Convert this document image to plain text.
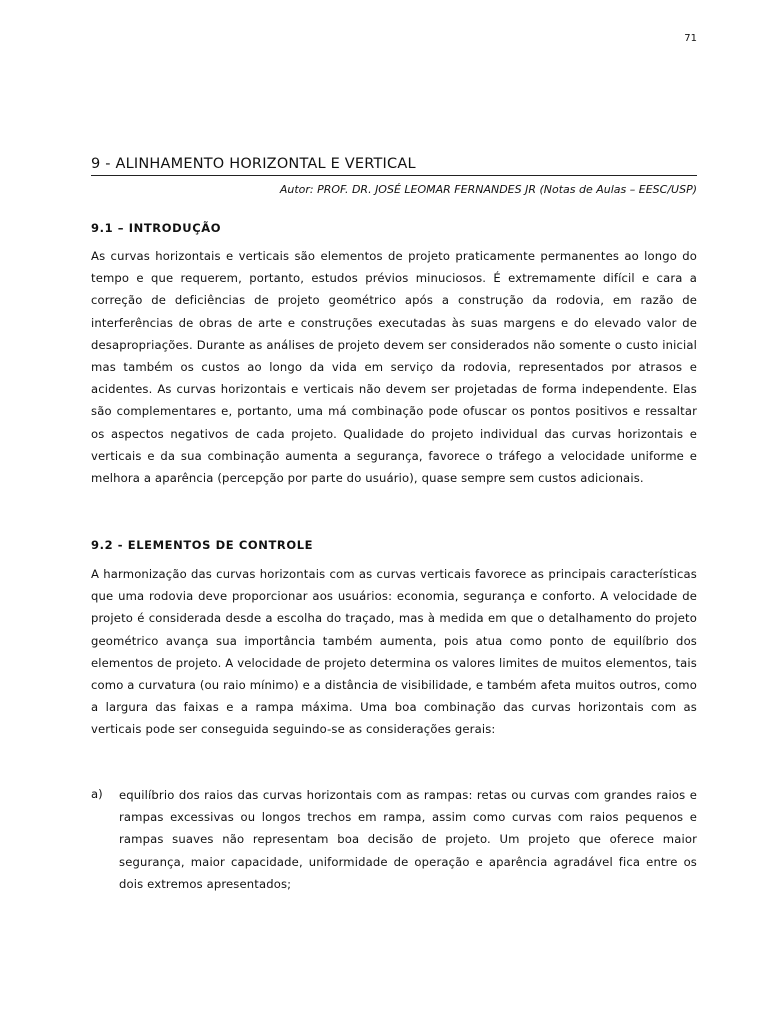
71
9 - ALINHAMENTO HORIZONTAL E VERTICAL
Autor: PROF. DR. JOSÉ LEOMAR FERNANDES JR (Notas de Aulas – EESC/USP)
9.1 – INTRODUÇÃO

As curvas horizontais e verticais são elementos de projeto praticamente permanentes ao longo do tempo e que requerem, portanto, estudos prévios minuciosos. É extremamente difícil e cara a correção de deficiências de projeto geométrico após a construção da rodovia, em razão de interferências de obras de arte e construções executadas às suas margens e do elevado valor de desapropriações. Durante as análises de projeto devem ser considerados não somente o custo inicial mas também os custos ao longo da vida em serviço da rodovia, representados por atrasos e acidentes. As curvas horizontais e verticais não devem ser projetadas de forma independente. Elas são complementares e, portanto, uma má combinação pode ofuscar os pontos positivos e ressaltar os aspectos negativos de cada projeto. Qualidade do projeto individual das curvas horizontais e verticais e da sua combinação aumenta a segurança, favorece o tráfego a velocidade uniforme e melhora a aparência (percepção por parte do usuário), quase sempre sem custos adicionais.

9.2 - ELEMENTOS DE CONTROLE

A harmonização das curvas horizontais com as curvas verticais favorece as principais características que uma rodovia deve proporcionar aos usuários: economia, segurança e conforto. A velocidade de projeto é considerada desde a escolha do traçado, mas à medida em que o detalhamento do projeto geométrico avança sua importância também aumenta, pois atua como ponto de equilíbrio dos elementos de projeto. A velocidade de projeto determina os valores limites de muitos elementos, tais como a curvatura (ou raio mínimo) e a distância de visibilidade, e também afeta muitos outros, como a largura das faixas e a rampa máxima. Uma boa combinação das curvas horizontais com as verticais pode ser conseguida seguindo-se as considerações gerais:

a) equilíbrio dos raios das curvas horizontais com as rampas: retas ou curvas com grandes raios e rampas excessivas ou longos trechos em rampa, assim como curvas com raios pequenos e rampas suaves não representam boa decisão de projeto. Um projeto que oferece maior segurança, maior capacidade, uniformidade de operação e aparência agradável fica entre os dois extremos apresentados;
